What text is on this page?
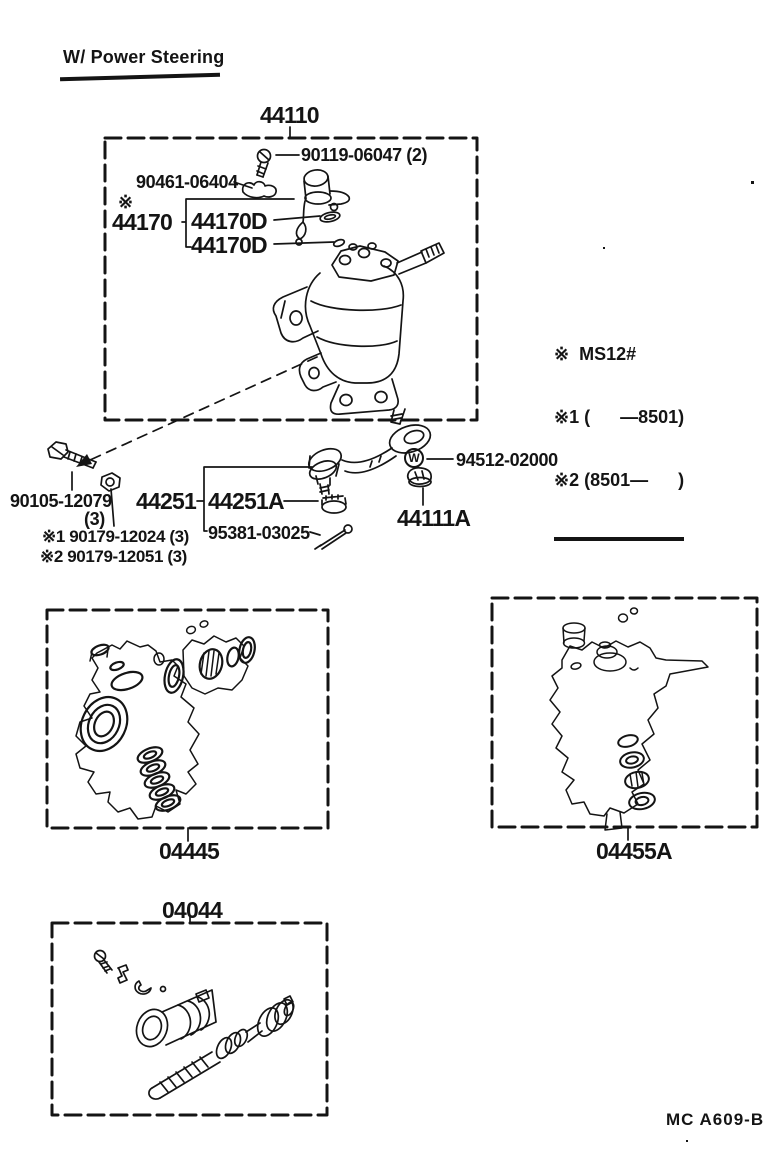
W/ Power Steering
44110
90119-06047 (2)
90461-06404
※
44170 44170D
44170D

※  MS12#

※1 (      —8501)

※2 (8501—      )

W 94512-02000
44111A
90105-12079
(3)
※1 90179-12024 (3)
※2 90179-12051 (3)
44251 44251A
95381-03025
04445	04455A
04044
MC A609-B
